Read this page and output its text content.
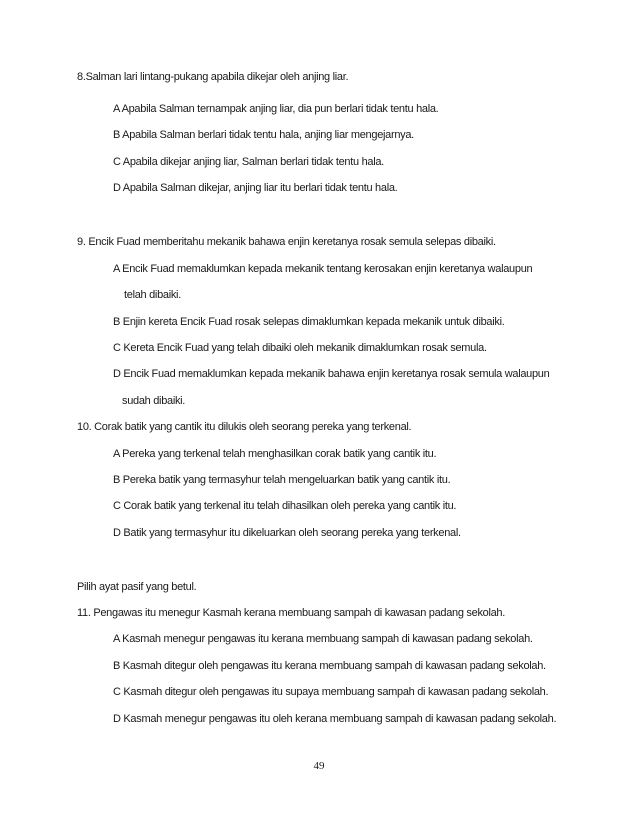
8.Salman lari lintang-pukang apabila dikejar oleh anjing liar.
A Apabila Salman ternampak anjing liar, dia pun berlari tidak tentu hala.
B Apabila Salman berlari tidak tentu hala, anjing liar mengejarnya.
C Apabila dikejar anjing liar, Salman berlari tidak tentu hala.
D Apabila Salman dikejar, anjing liar itu berlari tidak tentu hala.
9. Encik Fuad memberitahu mekanik bahawa enjin keretanya rosak semula selepas dibaiki.
A Encik Fuad memaklumkan kepada mekanik tentang kerosakan enjin keretanya walaupun
telah dibaiki.
B Enjin kereta Encik Fuad rosak selepas dimaklumkan kepada mekanik untuk dibaiki.
C Kereta Encik Fuad yang telah dibaiki oleh mekanik dimaklumkan rosak semula.
D Encik Fuad memaklumkan kepada mekanik bahawa enjin keretanya rosak semula walaupun
sudah dibaiki.
10. Corak batik yang cantik itu dilukis oleh seorang pereka yang terkenal.
A Pereka yang terkenal telah menghasilkan corak batik yang cantik itu.
B Pereka batik yang termasyhur telah mengeluarkan batik yang cantik itu.
C Corak batik yang terkenal itu telah dihasilkan oleh pereka yang cantik itu.
D Batik yang termasyhur itu dikeluarkan oleh seorang pereka yang terkenal.
Pilih ayat pasif yang betul.
11. Pengawas itu menegur Kasmah kerana membuang sampah di kawasan padang sekolah.
A Kasmah menegur pengawas itu kerana membuang sampah di kawasan padang sekolah.
B Kasmah ditegur oleh pengawas itu kerana membuang sampah di kawasan padang sekolah.
C Kasmah ditegur oleh pengawas itu supaya membuang sampah di kawasan padang sekolah.
D Kasmah menegur pengawas itu oleh kerana membuang sampah di kawasan padang sekolah.
49
